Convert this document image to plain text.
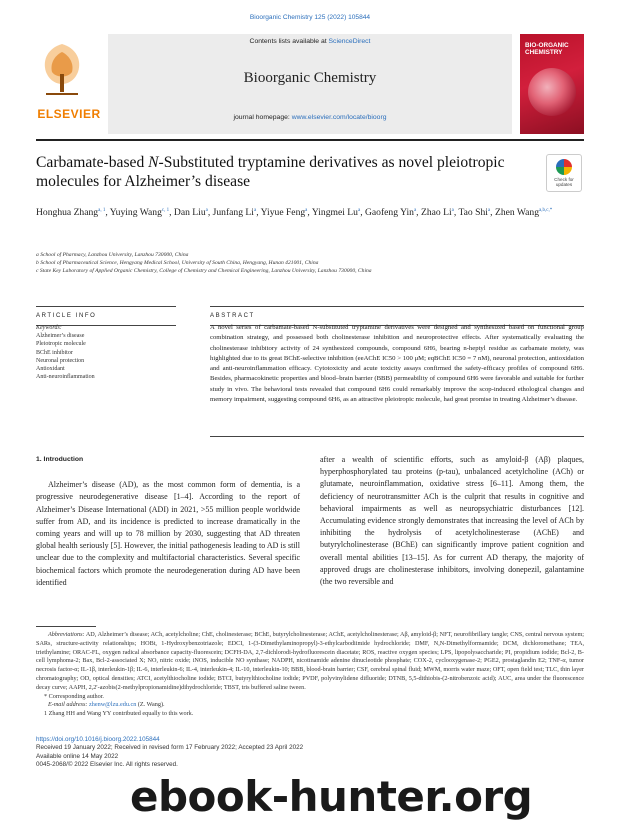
Bioorganic Chemistry 125 (2022) 105844
ELSEVIER
Contents lists available at ScienceDirect
Bioorganic Chemistry
journal homepage: www.elsevier.com/locate/bioorg
BIO-ORGANIC CHEMISTRY
Carbamate-based N-Substituted tryptamine derivatives as novel pleiotropic molecules for Alzheimer’s disease	Check for
updates
Honghua Zhang$^{a, 1}$, Yuying Wang$^{c, 1}$, Dan Liu$^a$, Junfang Li$^a$, Yiyue Feng$^a$, Yingmei Lu$^a$, Gaofeng Yin$^a$, Zhao Li$^a$, Tao Shi$^a$, Zhen Wang$^{a,b,c,*}$
a School of Pharmacy, Lanzhou University, Lanzhou 730000, China
b School of Pharmaceutical Science, Hengyang Medical School, University of South China, Hengyang, Hunan 421001, China
c State Key Laboratory of Applied Organic Chemistry, College of Chemistry and Chemical Engineering, Lanzhou University, Lanzhou 730000, China
ARTICLE INFO	ABSTRACT
Keywords:
Alzheimer’s disease
Pleiotropic molecule
BChE inhibitor
Neuronal protection
Antioxidant
Anti-neuroinflammation
A novel series of carbamate-based N-substituted tryptamine derivatives were designed and synthesized based on functional group combination strategy, and possessed both cholinesterase inhibition and neuroprotective effects. After systematically evaluating the cholinesterase inhibitory activity of 24 synthesized compounds, compound 6H6, bearing n-heptyl residue as carbamate moiety, was highlighted due to its great BChE-selective inhibition (eeAChE IC50 > 100 μM; eqBChE IC50 = 7 nM), neuronal protection, antioxidation and anti-neuroinflammation efficacy. Cytotoxicity and acute toxicity assays confirmed the safety-efficacy profiles of compound 6H6. Besides, pharmacokinetic properties and blood–brain barrier (BBB) permeability of compound 6H6 were favorable and suitable for further study in vivo. The behavioral tests revealed that compound 6H6 could remarkably improve the scop-induced ethological changes and memory impairment, suggesting compound 6H6, as an attractive pleiotropic molecule, had great promise in treating Alzheimer’s disease.
1. Introduction
Alzheimer’s disease (AD), as the most common form of dementia, is a progressive neurodegenerative disease [1–4]. According to the report of Alzheimer’s Disease International (ADI) in 2021, >55 million people worldwide suffer from AD, and its incidence is predicted to increase dramatically in the coming years and will up to 78 million by 2030, suggesting that AD threaten global health seriously [5]. However, the initial pathogenesis leading to AD is still unclear due to the complexity and multifactorial characteristics. Several specific biochemical factors which promote the neurodegeneration during AD have been identified
after a wealth of scientific efforts, such as amyloid-β (Aβ) plaques, hyperphosphorylated tau proteins (p-tau), unbalanced acetylcholine (ACh) or glutamate, neuroinflammation, oxidative stress [6–11]. Among them, the deficiency of neurotransmitter ACh is the culprit that results in cognitive and behavioral impairments as well as neuropsychiatric disturbances [12]. Accumulating evidence strongly demonstrates that increasing the level of ACh by inhibiting the hydrolysis of acetylcholinesterase (AChE) and butyrylcholinesterase (BChE) can significantly improve patient cognition and overall mental abilities [13–15]. As for current AD therapy, the majority of approved drugs are cholinesterase inhibitors, involving donepezil, galantamine (the two reversible and
Abbreviations: AD, Alzheimer’s disease; ACh, acetylcholine; ChE, cholinesterase; BChE, butyrylcholinesterase; AChE, acetylcholinesterase; Aβ, amyloid-β; NFT, neurofibrillary tangle; CNS, central nervous system; SARs, structure-activity relationships; HOBt, 1-Hydroxybenzotriazole; EDCI, 1-(3-Dimethylaminopropyl)-3-ethylcarbodiimide hydrochloride; DMF, N,N-Dimethylformamide; DCM, dichloromethane; TEA, triethylamine; ORAC-FL, oxygen radical absorbance capacity-fluorescein; DCFH-DA, 2,7-dichlorodi-hydrofluorescein diacetate; ROS, reactive oxygen species; LPS, lipopolysaccharide; PI, propidium iodide; Bcl-2, B-cell lymphoma-2; Bax, Bcl-2-associated X; NO, nitric oxide; iNOS, inducible NO synthase; NADPH, nicotinamide adenine dinucleotide phosphate; COX-2, cyclooxygenase-2; PGE2, prostaglandin E2; TNF-α, tumor necrosis factor-α; IL-1β, interleukin-1β; IL-6, interleukin-6; IL-4, interleukin-4; IL-10, interleukin-10; BBB, blood-brain barrier; CSF, cerebral spinal fluid; MWM, morris water maze; OFT, open field test; TLC, thin layer chromatography; OD, optical densities; ATCI, acetylthiocholine iodide; BTCI, butyrylthiocholine iodide; PVDF, polyvinylidene difluoride; DTNB, 5,5-dithiobis-(2-nitrobenzoic acid); AUC, area under the fluorescence decay curve; AAPH, 2,2′-azobis(2-methylpropionamidine)dihydrochloride; TBST, tris buffered saline tween.
* Corresponding author.
E-mail address: zhenw@lzu.edu.cn (Z. Wang).
1 Zhang HH and Wang YY contributed equally to this work.
https://doi.org/10.1016/j.bioorg.2022.105844
Received 19 January 2022; Received in revised form 17 February 2022; Accepted 23 April 2022
Available online 14 May 2022
0045-2068/© 2022 Elsevier Inc. All rights reserved.
ebook-hunter.org
